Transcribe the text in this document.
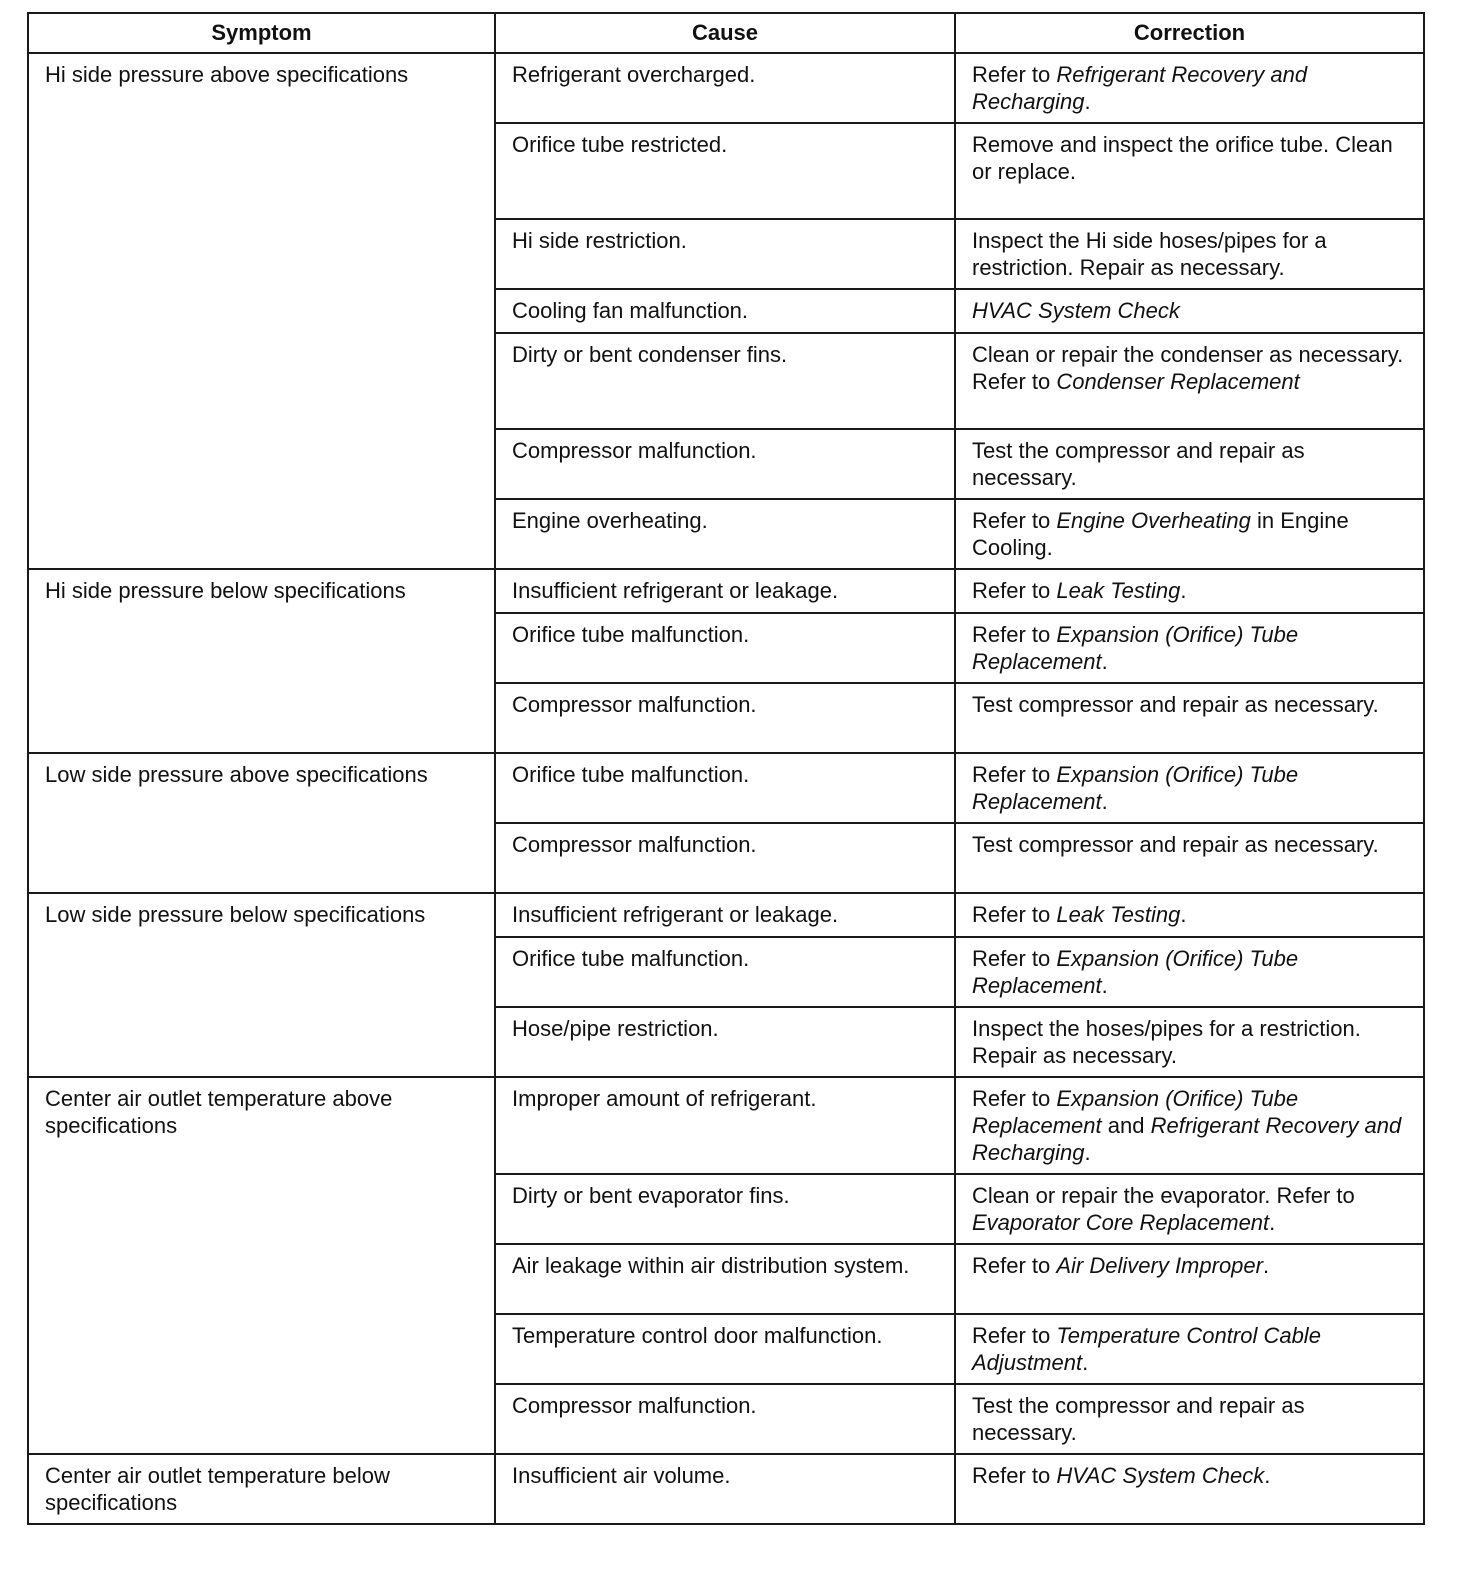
Symptom	Cause	Correction
Hi side pressure above specifications	Refrigerant overcharged.	Refer to Refrigerant Recovery and Recharging.
	Orifice tube restricted.	Remove and inspect the orifice tube. Clean or replace.
	Hi side restriction.	Inspect the Hi side hoses/pipes for a restriction. Repair as necessary.
	Cooling fan malfunction.	HVAC System Check
	Dirty or bent condenser fins.	Clean or repair the condenser as necessary. Refer to Condenser Replacement
	Compressor malfunction.	Test the compressor and repair as necessary.
	Engine overheating.	Refer to Engine Overheating in Engine Cooling.
Hi side pressure below specifications	Insufficient refrigerant or leakage.	Refer to Leak Testing.
	Orifice tube malfunction.	Refer to Expansion (Orifice) Tube Replacement.
	Compressor malfunction.	Test compressor and repair as necessary.
Low side pressure above specifications	Orifice tube malfunction.	Refer to Expansion (Orifice) Tube Replacement.
	Compressor malfunction.	Test compressor and repair as necessary.
Low side pressure below specifications	Insufficient refrigerant or leakage.	Refer to Leak Testing.
	Orifice tube malfunction.	Refer to Expansion (Orifice) Tube Replacement.
	Hose/pipe restriction.	Inspect the hoses/pipes for a restriction. Repair as necessary.
Center air outlet temperature above specifications	Improper amount of refrigerant.	Refer to Expansion (Orifice) Tube Replacement and Refrigerant Recovery and Recharging.
	Dirty or bent evaporator fins.	Clean or repair the evaporator. Refer to Evaporator Core Replacement.
	Air leakage within air distribution system.	Refer to Air Delivery Improper.
	Temperature control door malfunction.	Refer to Temperature Control Cable Adjustment.
	Compressor malfunction.	Test the compressor and repair as necessary.
Center air outlet temperature below specifications	Insufficient air volume.	Refer to HVAC System Check.
